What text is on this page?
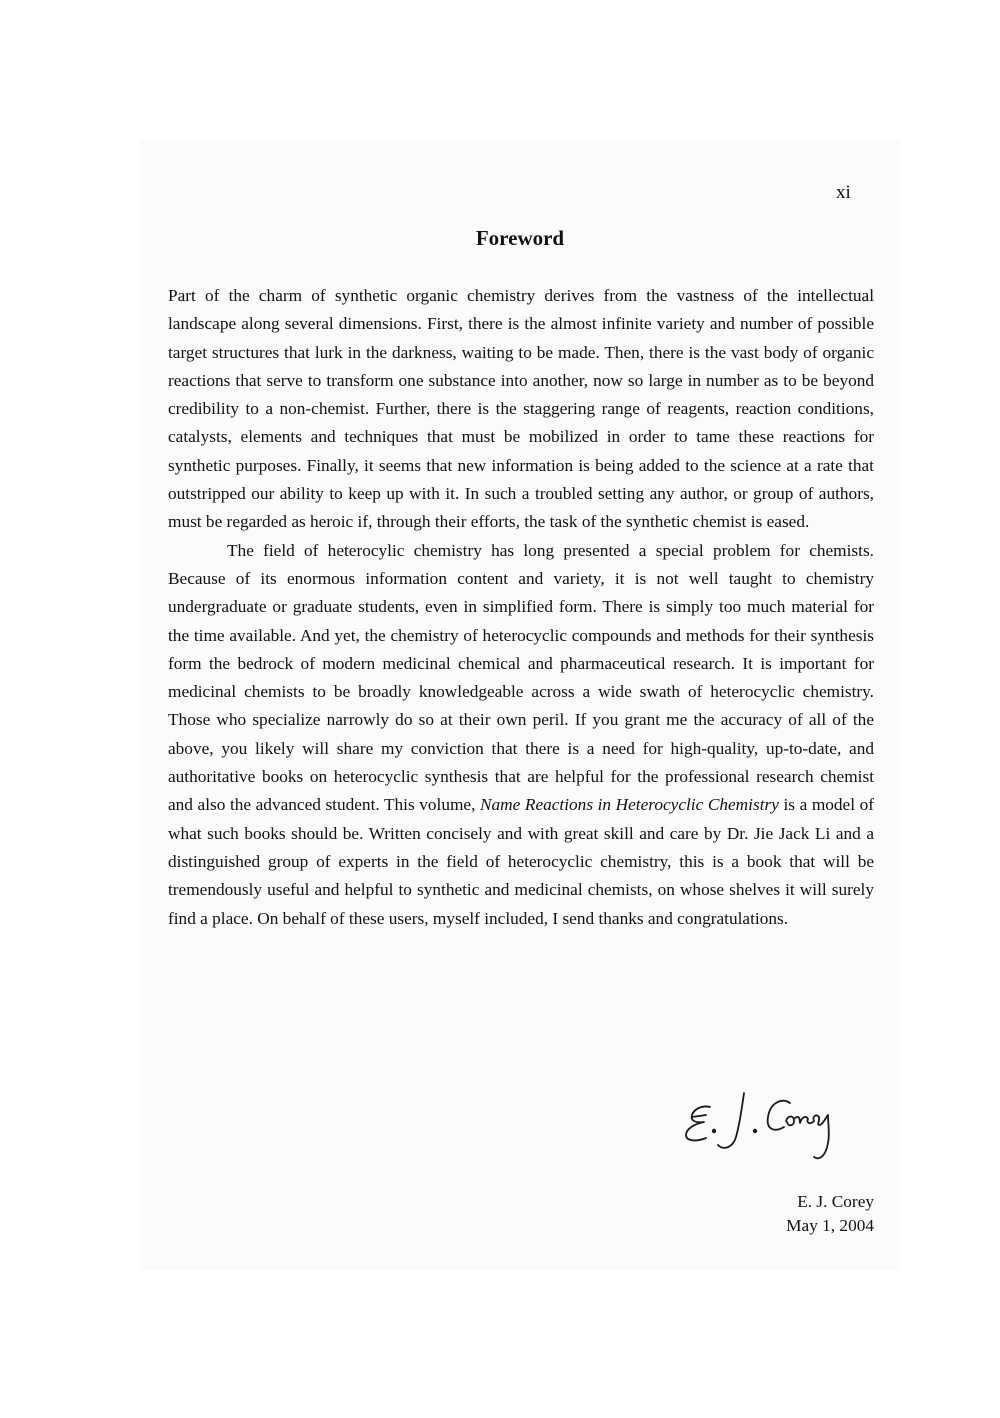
xi
Foreword

Part of the charm of synthetic organic chemistry derives from the vastness of the intellectual landscape along several dimensions. First, there is the almost infinite variety and number of possible target structures that lurk in the darkness, waiting to be made. Then, there is the vast body of organic reactions that serve to transform one substance into another, now so large in number as to be beyond credibility to a non-chemist. Further, there is the staggering range of reagents, reaction conditions, catalysts, elements and techniques that must be mobilized in order to tame these reactions for synthetic purposes. Finally, it seems that new information is being added to the science at a rate that outstripped our ability to keep up with it. In such a troubled setting any author, or group of authors, must be regarded as heroic if, through their efforts, the task of the synthetic chemist is eased.

The field of heterocylic chemistry has long presented a special problem for chemists. Because of its enormous information content and variety, it is not well taught to chemistry undergraduate or graduate students, even in simplified form. There is simply too much material for the time available. And yet, the chemistry of heterocyclic compounds and methods for their synthesis form the bedrock of modern medicinal chemical and pharmaceutical research. It is important for medicinal chemists to be broadly knowledgeable across a wide swath of heterocyclic chemistry. Those who specialize narrowly do so at their own peril. If you grant me the accuracy of all of the above, you likely will share my conviction that there is a need for high-quality, up-to-date, and authoritative books on heterocyclic synthesis that are helpful for the professional research chemist and also the advanced student. This volume, Name Reactions in Heterocyclic Chemistry is a model of what such books should be. Written concisely and with great skill and care by Dr. Jie Jack Li and a distinguished group of experts in the field of heterocyclic chemistry, this is a book that will be tremendously useful and helpful to synthetic and medicinal chemists, on whose shelves it will surely find a place. On behalf of these users, myself included, I send thanks and congratulations.

E. J. Corey
May 1, 2004
